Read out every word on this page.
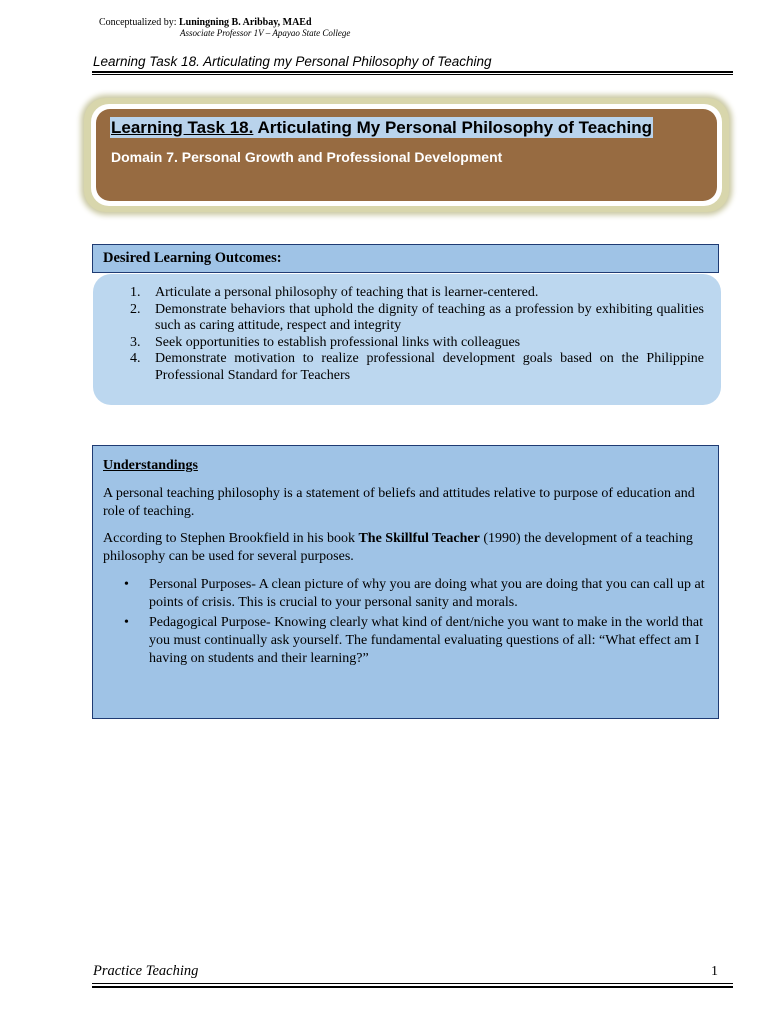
Conceptualized by: Luningning B. Aribbay, MAEd
Associate Professor 1V – Apayao State College
Learning Task 18. Articulating my Personal Philosophy of Teaching
Learning Task 18. Articulating My Personal Philosophy of Teaching
Domain 7. Personal Growth and Professional Development
Desired Learning Outcomes:
1. Articulate a personal philosophy of teaching that is learner-centered.
2. Demonstrate behaviors that uphold the dignity of teaching as a profession by exhibiting qualities such as caring attitude, respect and integrity
3. Seek opportunities to establish professional links with colleagues
4. Demonstrate motivation to realize professional development goals based on the Philippine Professional Standard for Teachers

Understandings

A personal teaching philosophy is a statement of beliefs and attitudes relative to purpose of education and role of teaching.

According to Stephen Brookfield in his book The Skillful Teacher (1990) the development of a teaching philosophy can be used for several purposes.

• Personal Purposes- A clean picture of why you are doing what you are doing that you can call up at points of crisis. This is crucial to your personal sanity and morals.
• Pedagogical Purpose- Knowing clearly what kind of dent/niche you want to make in the world that you must continually ask yourself. The fundamental evaluating questions of all: “What effect am I having on students and their learning?”
Practice Teaching	1
